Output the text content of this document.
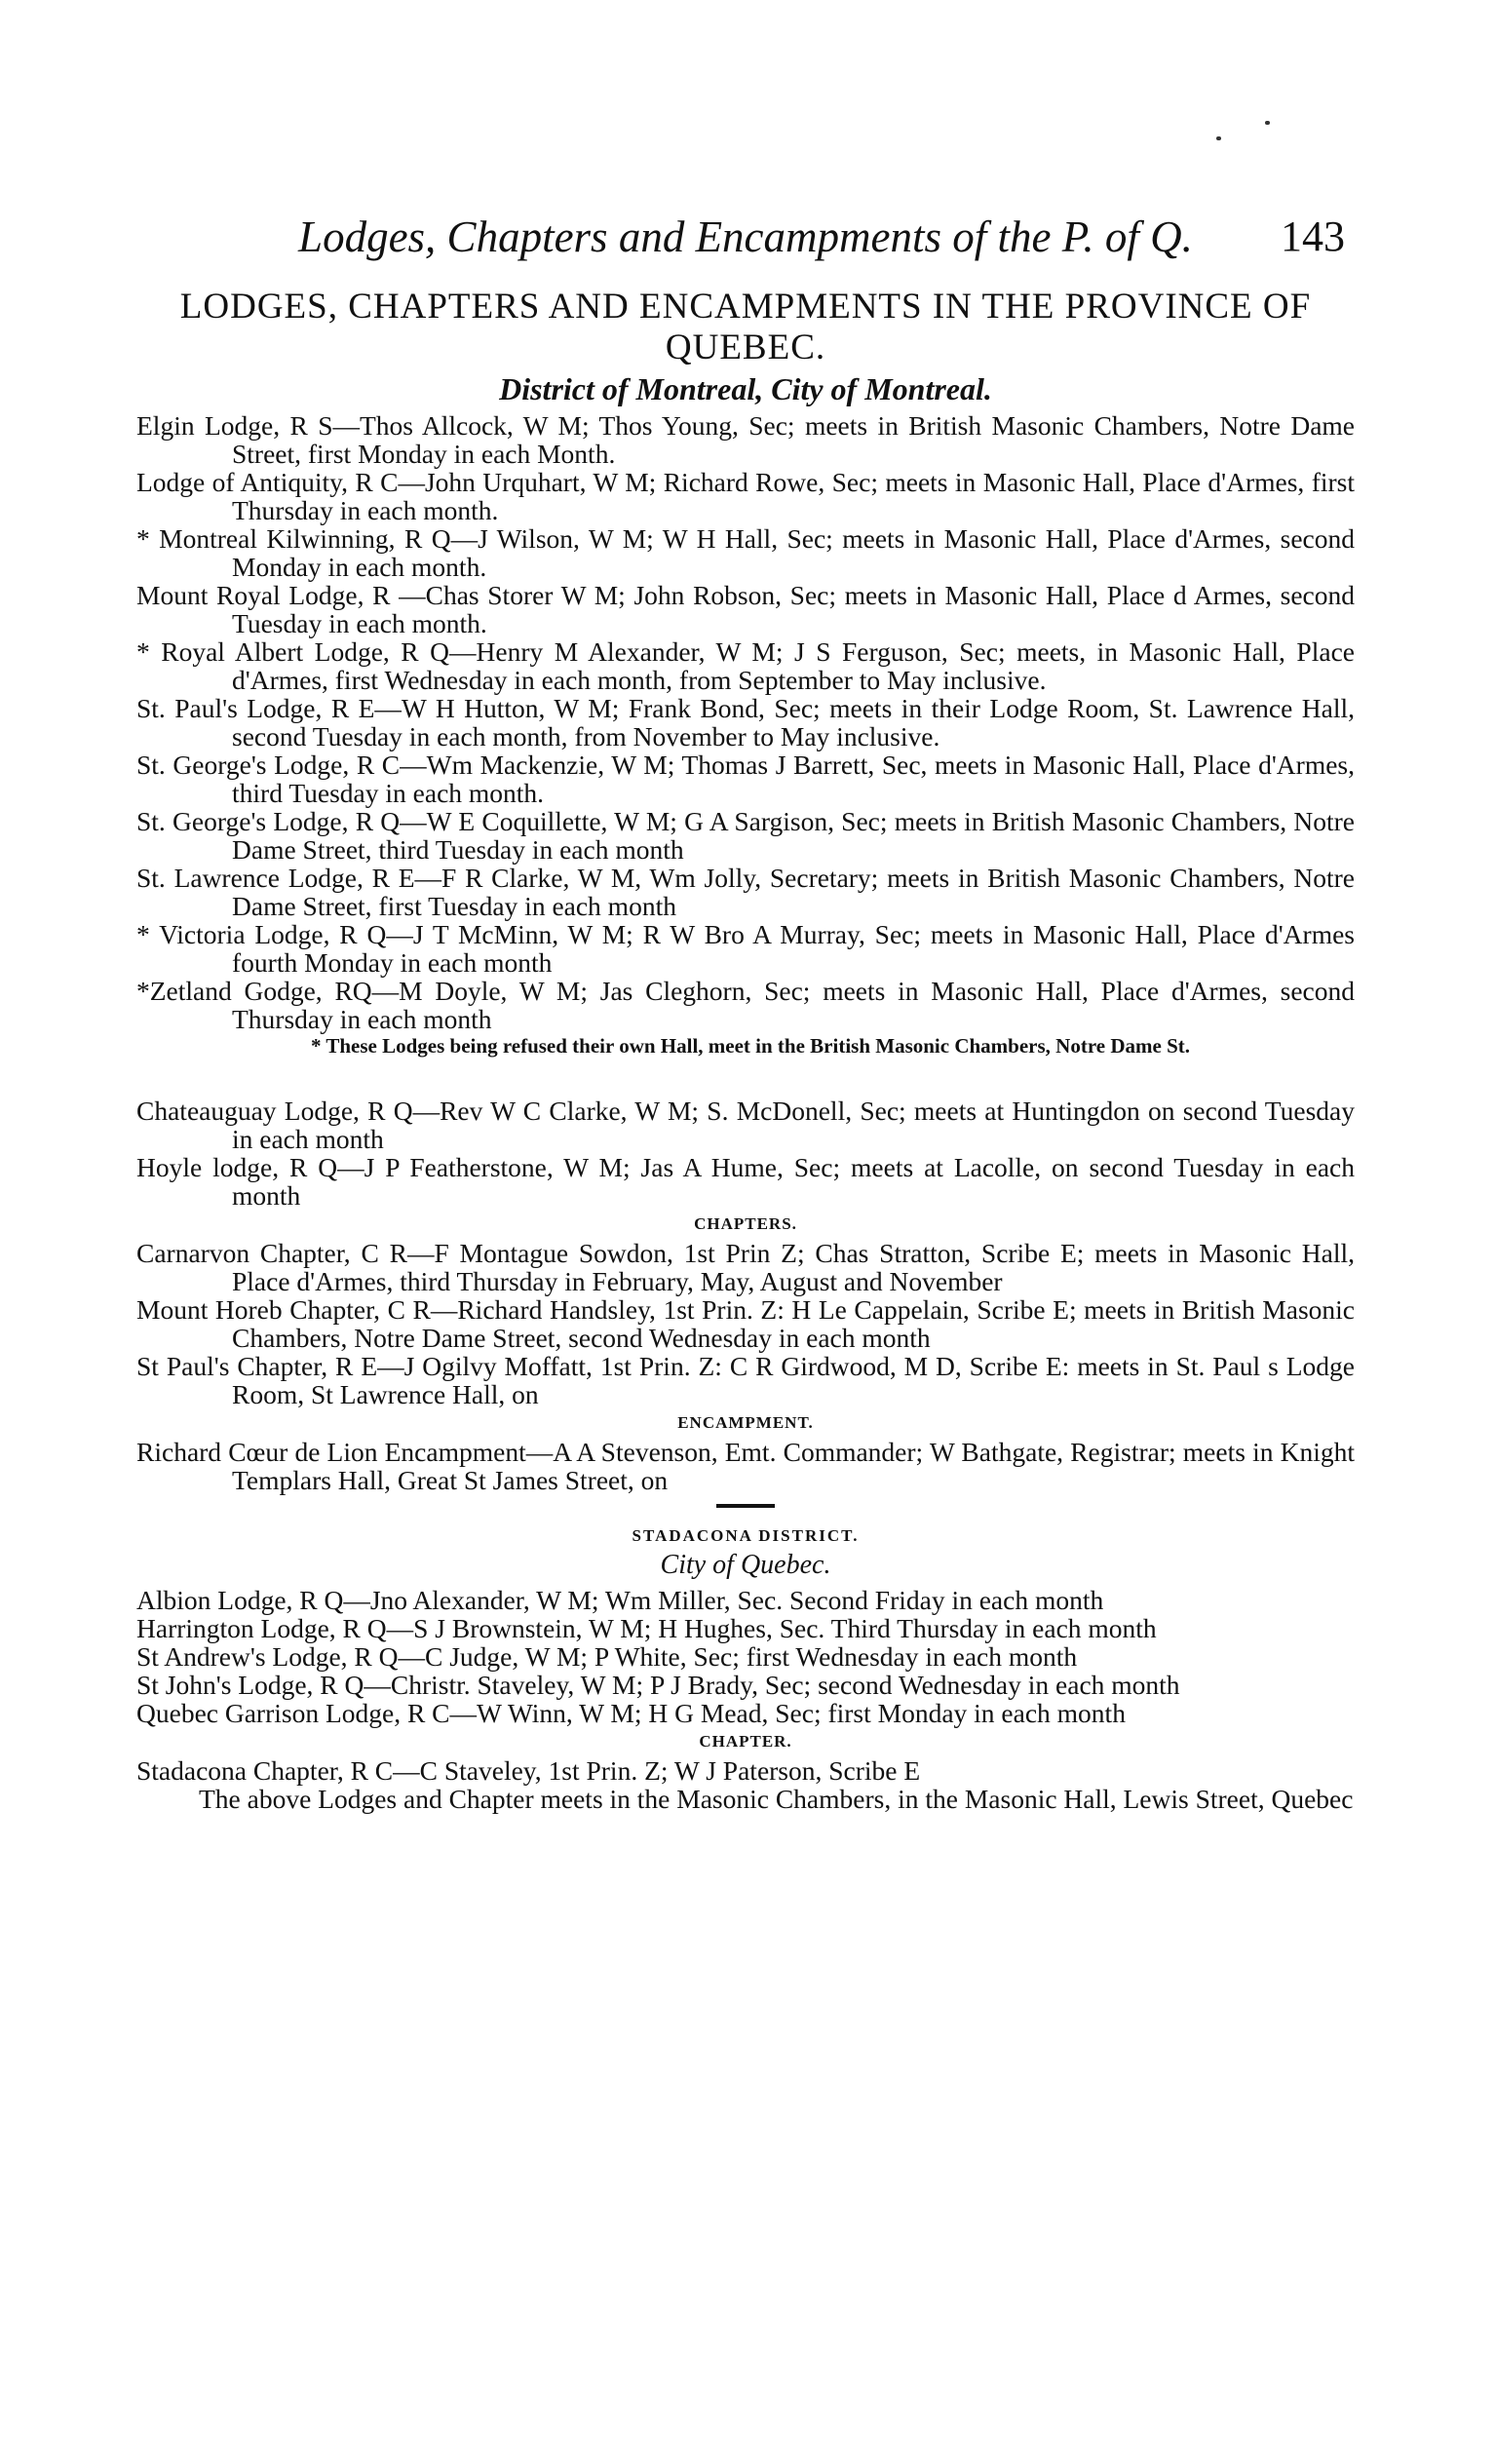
Lodges, Chapters and Encampments of the P. of Q. 143
LODGES, CHAPTERS AND ENCAMPMENTS IN THE PROVINCE OF QUEBEC.
District of Montreal, City of Montreal.
Elgin Lodge, R S—Thos Allcock, W M; Thos Young, Sec; meets in British Masonic Chambers, Notre Dame Street, first Monday in each Month.
Lodge of Antiquity, R C—John Urquhart, W M; Richard Rowe, Sec; meets in Masonic Hall, Place d'Armes, first Thursday in each month.
* Montreal Kilwinning, R Q—J Wilson, W M; W H Hall, Sec; meets in Masonic Hall, Place d'Armes, second Monday in each month.
Mount Royal Lodge, R —Chas Storer W M; John Robson, Sec; meets in Masonic Hall, Place d Armes, second Tuesday in each month.
* Royal Albert Lodge, R Q—Henry M Alexander, W M; J S Ferguson, Sec; meets, in Masonic Hall, Place d'Armes, first Wednesday in each month, from September to May inclusive.
St. Paul's Lodge, R E—W H Hutton, W M; Frank Bond, Sec; meets in their Lodge Room, St. Lawrence Hall, second Tuesday in each month, from November to May inclusive.
St. George's Lodge, R C—Wm Mackenzie, W M; Thomas J Barrett, Sec, meets in Masonic Hall, Place d'Armes, third Tuesday in each month.
St. George's Lodge, R Q—W E Coquillette, W M; G A Sargison, Sec; meets in British Masonic Chambers, Notre Dame Street, third Tuesday in each month
St. Lawrence Lodge, R E—F R Clarke, W M, Wm Jolly, Secretary; meets in British Masonic Chambers, Notre Dame Street, first Tuesday in each month
* Victoria Lodge, R Q—J T McMinn, W M; R W Bro A Murray, Sec; meets in Masonic Hall, Place d'Armes fourth Monday in each month
*Zetland Godge, RQ—M Doyle, W M; Jas Cleghorn, Sec; meets in Masonic Hall, Place d'Armes, second Thursday in each month
* These Lodges being refused their own Hall, meet in the British Masonic Chambers, Notre Dame St.
Chateauguay Lodge, R Q—Rev W C Clarke, W M; S. McDonell, Sec; meets at Huntingdon on second Tuesday in each month
Hoyle lodge, R Q—J P Featherstone, W M; Jas A Hume, Sec; meets at Lacolle, on second Tuesday in each month
CHAPTERS.
Carnarvon Chapter, C R—F Montague Sowdon, 1st Prin Z; Chas Stratton, Scribe E; meets in Masonic Hall, Place d'Armes, third Thursday in February, May, August and November
Mount Horeb Chapter, C R—Richard Handsley, 1st Prin. Z: H Le Cappelain, Scribe E; meets in British Masonic Chambers, Notre Dame Street, second Wednesday in each month
St Paul's Chapter, R E—J Ogilvy Moffatt, 1st Prin. Z: C R Girdwood, M D, Scribe E: meets in St. Paul s Lodge Room, St Lawrence Hall, on
ENCAMPMENT.
Richard Cœur de Lion Encampment—A A Stevenson, Emt. Commander; W Bathgate, Registrar; meets in Knight Templars Hall, Great St James Street, on
STADACONA DISTRICT.
City of Quebec.
Albion Lodge, R Q—Jno Alexander, W M; Wm Miller, Sec. Second Friday in each month
Harrington Lodge, R Q—S J Brownstein, W M; H Hughes, Sec. Third Thursday in each month
St Andrew's Lodge, R Q—C Judge, W M; P White, Sec; first Wednesday in each month
St John's Lodge, R Q—Christr. Staveley, W M; P J Brady, Sec; second Wednesday in each month
Quebec Garrison Lodge, R C—W Winn, W M; H G Mead, Sec; first Monday in each month
CHAPTER.
Stadacona Chapter, R C—C Staveley, 1st Prin. Z; W J Paterson, Scribe E
The above Lodges and Chapter meets in the Masonic Chambers, in the Masonic Hall, Lewis Street, Quebec
